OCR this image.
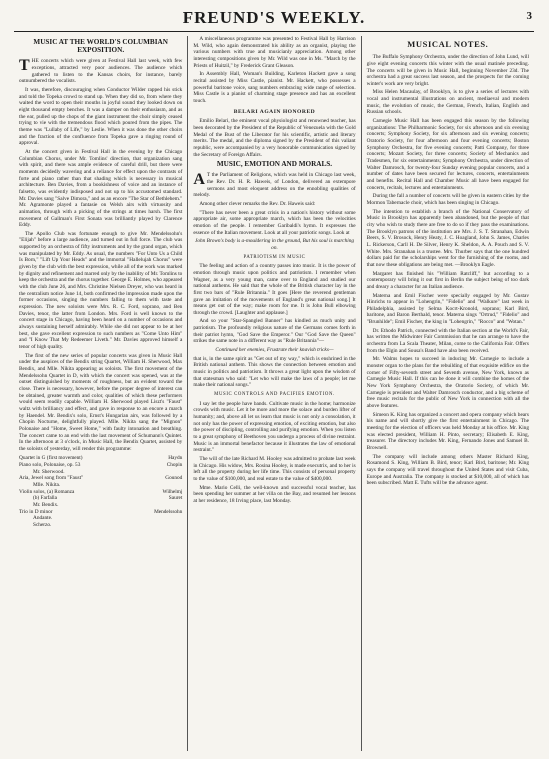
FREUND'S WEEKLY.	3
MUSIC AT THE WORLD'S COLUMBIAN EXPOSITION.

THE concerts which were given at Festival Hall last week, with few exceptions, attracted very poor audiences. The audience which gathered to listen to the Kansas choirs, for instance, barely outnumbered the vocalists.

It was, therefore, discouraging when Conductor Wilder rapped his stick and told the Topeka crowd to stand up. When they did so, from where they waited the word to open their mouths in joyful sound they looked down on eight thousand empty benches. It was a damper on their enthusiasm, and as the ear, pulled up the chops of the giant instrument the choir simply ceased trying to vie with the tremendous flood which poured from the pipes. The theme was "Lullaby of Life," by Leslie. When it was done the other choirs and the fraction of the confluence from Topeka gave a ringing round of approval.

At the concert given in Festival Hall in the evening by the Chicago Columbian Chorus, under Mr. Tomlins' direction, that organization sang with spirit, and there was ample evidence of careful drill, but there were moments decidedly wavering and a reliance for effect upon the contrasts of forte and piano rather than that shading which is necessary in musical architecture. Ben Davies, from a bookishness of voice and an instance of falsetto, was evidently indisposed and not up to his accustomed standard. Mr. Davies sang "Salve Dimora," and as an encore "The Star of Bethlehem." Mr. Agramonte played a fantasie on Welsh airs with virtuosity and animation, through with a picking of the strings at times harsh. The first movement of Gallman's First Sonata was brilliantly played by Clarence Eddy.

The Apollo Club was fortunate enough to give Mr. Mendelssohn's "Elijah" before a large audience, and turned out in full force. The club was supported by an orchestra of fifty instruments and by the grand organ, which was manipulated by Mr. Eddy. As usual, the numbers "For Unto Us a Child Is Born," "Lift Up Your Heads" and the immortal "Hallelujah Chorus" were given by the club with the best expression, while all of the work was marked by dignity and refinement and marred only by the inability of Mr. Tomlins to keep the orchestra and the chorus together. George E. Holmes, who appeared with the club June 26, and Mrs. Christine Nielsen Dreyer, who was heard in the centralism notice June 14, both confirmed the impression made upon the former occasions, singing the numbers falling to them with taste and expression. The new soloists were Mrs. R. C. Ford, soprano, and Ben Davies, tenor, the latter from London. Mrs. Ford is well known to the concert stage in Chicago, having been heard on a number of occasions and always sustaining herself admirably. While she did not appear to be at her best, she gave excellent expression to such numbers as "Come Unto Him" and "I Know That My Redeemer Liveth." Mr. Davies approved himself a tenor of high quality.

The first of the new series of popular concerts was given in Music Hall under the auspices of the Bendix string Quartet, William H. Sherwood, Max Bendix, and Mlle. Nikita appearing as soloists. The first movement of the Mendelssohn Quartet in D, with which the concert was opened, was at the outset distinguished by moments of roughness, but an evident toward the close. There is necessary, however, before the proper degree of interest can be obtained, greater warmth and color, qualities of which these performers would seem readily capable. William H. Sherwood played Liszt's "Faust" waltz with brilliancy and effect, and gave in response to an encore a march by Haendel. Mr. Bendix's solo, Ernst's Hungarian airs, was followed by a Chopin Nocturne, delightfully played. Mlle. Nikita sang the "Mignon" Polonaise and "Home, Sweet Home," with faulty intonation and breathing. The concert came to an end with the last movement of Schumann's Quintet. In the afternoon at 3 o'clock, in Music Hall, the Bendix Quartet, assisted by the soloists of yesterday, will render this programme:

Quartet in G (first movement)	Haydn
Piano solo, Polonaise, op. 53	Chopin
Mr. Sherwood.
Aria, Jewel song from "Faust"	Gounod
Mlle. Nikita.
Violin solos, (a) Romanza	Wilhelmj
(b) Farfalla	Sauret
Mr. Bendix.
Trio in D minor	Mendelssohn
Andante.
Scherzo.

A miscellaneous programme was presented to Festival Hall by Harrison M. Wild, who again demonstrated his ability as an organist, playing the various numbers with true and musicianly appreciation. Among other interesting compositions given by Mr. Wild was one in Ms. "March by the Priests of Huitzil," by Frederick Grant Gleason.

In Assembly Hall, Woman's Building, Karleton Hackett gave a song recital assisted by Miss Castle, pianist. Mr. Hackett, who possesses a powerful baritone voice, sang numbers embracing wide range of selection. Miss Castle is a pianist of charming stage presence and has an excellent touch.

BELARI AGAIN HONORED

Emilio Belari, the eminent vocal physiologist and renowned teacher, has been decorated by the President of the Republic of Venezuela with the Gold Medal of the Bust of the Liberator for his scientific, artistic and literary merits. The medal, and the diploma signed by the President of this valiant republic, were accompanied by a very honorable communication signed by the Secretary of Foreign Affairs.

MUSIC, EMOTION AND MORALS.

A T the Parliament of Religions, which was held in Chicago last week, the Rev. Dr. H. R. Haweis, of London, delivered an extempore sermons and most eloquent address on the ennobling qualities of melody.

Among other clever remarks the Rev. Dr. Haweis said:

"There has never been a great crisis in a nation's history without some appropriate air, some appropriate march, which has been the velocities emotion of the people. I remember Garibaldi's hymn. It expresses the essence of the Italian movement. Look at all your patriotic songs. Look at

John Brown's body is a-mouldering in the ground, But his soul is marching on.
PATRIOTISM IN MUSIC

The feeling and action of a country passes into music. It is the power of emotion through music upon politics and patriotism. I remember when Wagner, as a very young man, came over to England and studied our national anthems. He said that the whole of the British character lay in the first two bars of "Rule Britannia." It goes [Here the reverend gentleman gave an imitation of the movements of England's great national song.] It means get out of the way; make room for me. It is John Bull elbowing through the crowd. [Laughter and applause.]

And so your "Star-Spangled Banner" has kindled as much unity and patriotism. The profoundly religious nature of the Germans comes forth in their patriot hymn, "God Save the Emperor." Our "God Save the Queen" strikes the same note in a different way as "Rule Britannia"—

Continued her enemies, Frustrate their knavish tricks—

that is, in the same spirit as "Get out of my way," which is enshrined in the British national anthem. This shows the connection between emotion and music in politics and patriotism. It throws a great light upon the wisdom of that statesman who said: "Let who will make the laws of a people; let me make their national songs."

MUSIC CONTROLS AND PACIFIES EMOTION.

I say let the people have bands. Cultivate music in the home; harmonize crowds with music. Let it be more and more the solace and burden lifter of humanity; and, above all let us learn that music is not only a consolation, it not only has the power of expressing emotion, of exciting emotion, but also the power of discipling, controlling and purifying emotion. When you listen to a great symphony of Beethoven you undergo a process of divine restraint. Music is an immortal benefactor because it illustrates the law of emotional restraint."

The will of the late Richard M. Hooley was admitted to probate last week in Chicago. His widow, Mrs. Rosina Hooley, is made executrix, and to her is left all the property during her life time. This consists of personal property to the value of $100,000, and real estate to the value of $400,000.

Mme. Mario Celli, the well-known and successful vocal teacher, has been spending her summer at her villa on the Bay, and resumed her lessons at her residence, 18 Irving place, last Monday.

MUSICAL NOTES.

The Buffalo Symphony Orchestra, under the direction of John Lund, will give eight evening concerts this winter with the usual matinée preceding. The concerts will be given in Music Hall, beginning November 23d. The orchestra had a great success last season, and the prospects for the coming winter's work are very bright.

Miss Helen Macaulay, of Brooklyn, is to give a series of lectures with vocal and instrumental illustrations on ancient, mediaeval and modern music, the evolution of music, the German, French, Italian, English and Russian schools.

Carnegie Music Hall has been engaged this season by the following organizations: The Philharmonic Society, for six afternoon and six evening concerts; Symphony Society, for six afternoon and six evening concerts; Oratorio Society, for four afternoon and four evening concerts; Boston Symphony Orchestra, for five evening concerts; Patti Company, for three concerts; Mozart Society, for three concerts; Society of Mechanics and Tradesmen, for six entertainments; Symphony Orchestra, under direction of Walter Damrosch, for twenty-four Sunday evening popular concerts, and a number of dates have been secured for lectures, concerts, entertainments and benefits. Recital Hall and Chamber Music all have been engaged for concerts, recitals, lectures and entertainments.

During the fall a number of concerts will be given in eastern cities by the Mormon Tabernacle choir, which has been singing in Chicago.

The intention to establish a branch of the National Conservatory of Music in Brooklyn has apparently been abandoned, but the people of that city who wish to study there are free to do so if they pass the examinations. The Brooklyn patrons of the institution are Mrs. J. S. T. Stranahan, Edwin Beers, S. V. Brosock, Henry Heaty, J. C. Hoagland, John S. James, Charles L. Rickerson, Carll H. De Silver, Henry K. Sheldon, A. A. Pouch and S. V. White. Mrs. Stranahan is a trustee. Mrs. Thurber says that the one hundred dollars paid for the scholarships went for the furnishing of the rooms, and that now these obligations are being met. —Brooklyn Eagle.

Margaret has finished his "William Ratcliff," but according to a contemporary will bring it out first in Berlin the subject being of too dark and dreary a character for an Italian audience.

Materna and Emil Fischer were specially engaged by Mr. Gustav Hinrichs to appear in "Lohengrin," "Fidelio" and "Walkure" last week in Philadelphia, assisted by Selma Kocrt-Kronold, soprano; Karl Bird, baritone, and Baron Berthald, tenor. Materna sings "Ortrud," "Fidelio" and "Brunhilde"; Emil Fischer, the king in "Lohengrin," "Rocco" and "Wotan."

Dr. Ethodo Patrich, connected with the Italian section at the World's Fair, has written the Midwinter Fair Commission that he can arrange to have the orchestra from La Scala Theater, Milan, come to the California Fair. Offers from the Elgin and Sousa's Band have also been received.

Mr. Walms hopes to succeed in inducing Mr. Carnegie to include a monster organ to the plans for the rebuilding of that exquisite edifice on the corner of Fifty-seventh street and Seventh avenue, New York, known as Carnegie Music Hall. If this can be done it will combine the homes of the New York Symphony Orchestra, the Oratorio Society, of which Mr. Carnegie is president and Walter Damrosch conductor, and a big scheme of free music recitals for the public of New York in connection with all the above features.

Simeon K. King has organized a concert and opera company which bears his name and will shortly give the first entertainment in Chicago. The meeting for the election of officers was held Monday at his office. Mr. King was elected president, William H. Pinto, secretary; Elisabeth E. King, treasurer. The directory includes Mr. King, Fernando Jones and Samuel B. Brownell.

The company will include among others Master Richard King, Rosamond S. King, William B. Bird, tenor; Karl Bird, baritone; Mr. King says the company will travel throughout the United States and visit Cuba, Europe and Australia. The company is stocked at $10,000, all of which has been subscribed. Matt E. Tufts will be the advance agent.
